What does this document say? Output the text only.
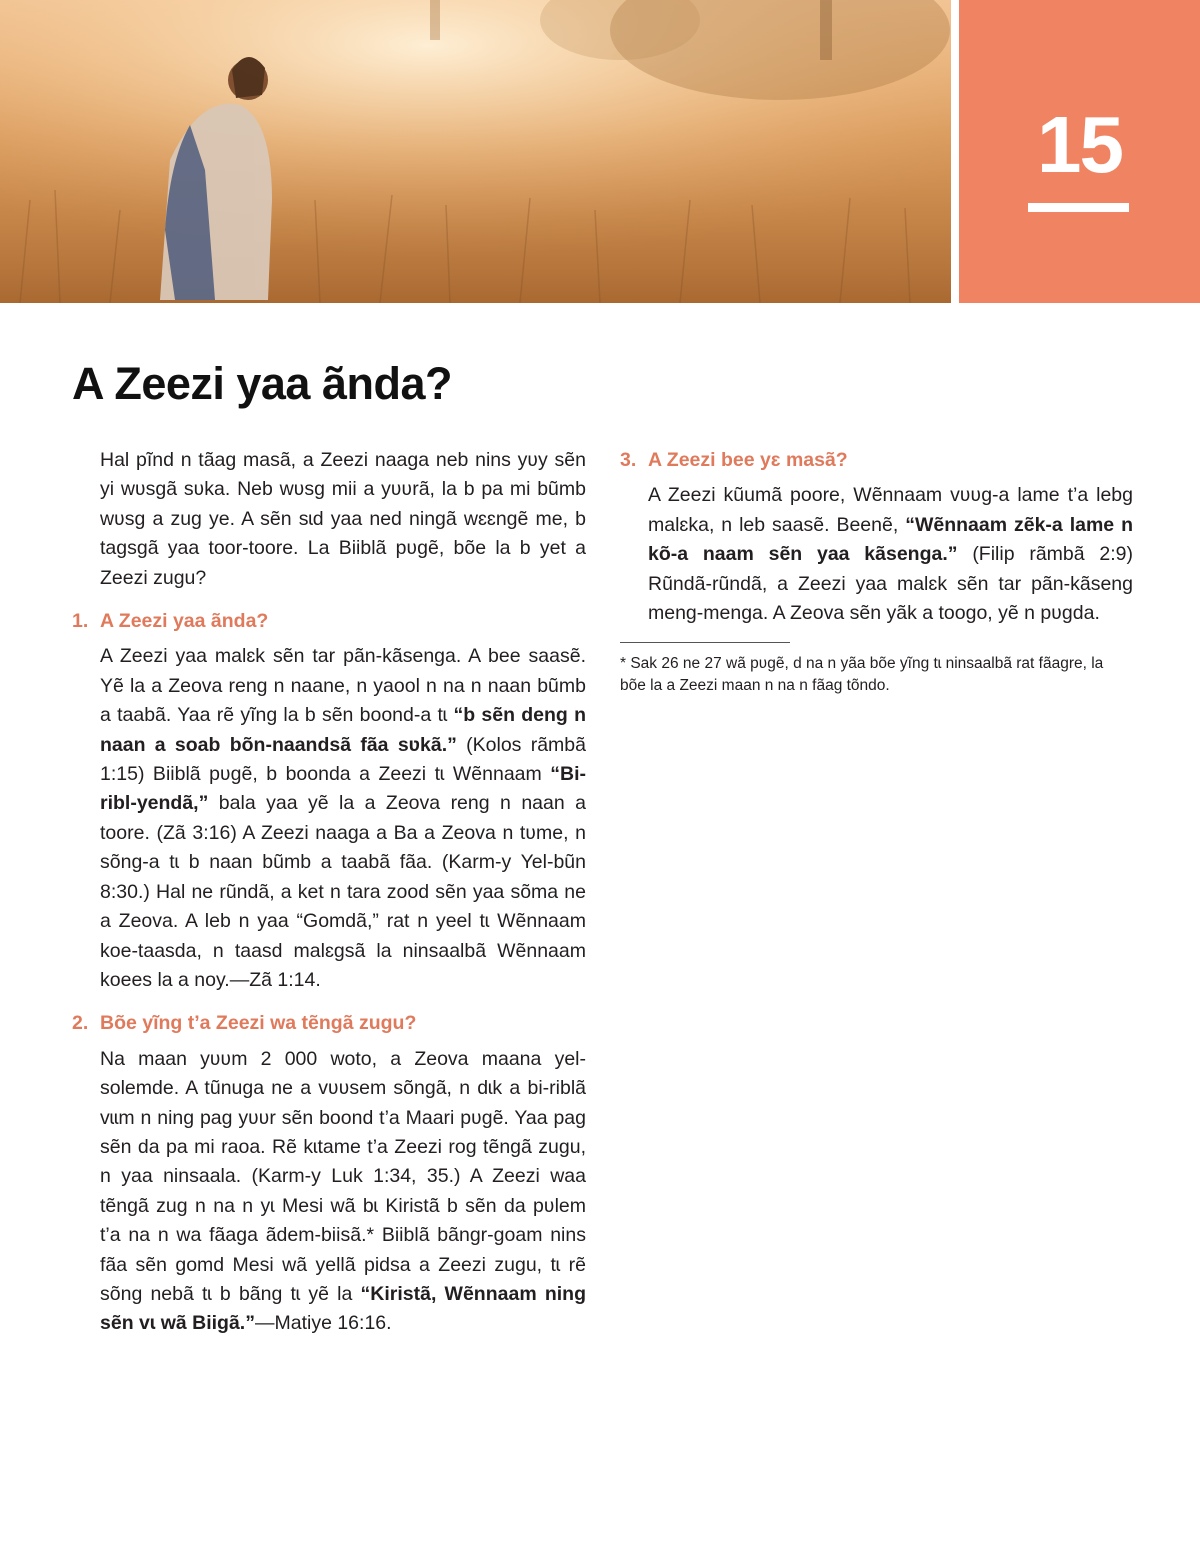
15
A Zeezi yaa ãnda?

Hal pĩnd n tãag masã, a Zeezi naaga neb nins yʋy sẽn yi wʋsgã sʋka. Neb wʋsg mii a yʋʋrã, la b pa mi bũmb wʋsg a zug ye. A sẽn sɩd yaa ned ningã wɛɛngẽ me, b tagsgã yaa toor-toore. La Biiblã pʋgẽ, bõe la b yet a Zeezi zugu?

1. A Zeezi yaa ãnda?

A Zeezi yaa malɛk sẽn tar pãn-kãsenga. A bee saasẽ. Yẽ la a Zeova reng n naane, n yaool n na n naan bũmb a taabã. Yaa rẽ yĩng la b sẽn boond-a tɩ “b sẽn deng n naan a soab bõn-naandsã fãa sʋkã.” (Kolos rãmbã 1:15) Biiblã pʋgẽ, b boonda a Zeezi tɩ Wẽnnaam “Bi-ribl-yendã,” bala yaa yẽ la a Zeova reng n naan a toore. (Zã 3:16) A Zeezi naaga a Ba a Zeova n tʋme, n sõng-a tɩ b naan bũmb a taabã fãa. (Karm-y Yel-bũn 8:30.) Hal ne rũndã, a ket n tara zood sẽn yaa sõma ne a Zeova. A leb n yaa “Gomdã,” rat n yeel tɩ Wẽnnaam koe-taasda, n taasd malɛgsã la ninsaalbã Wẽnnaam koees la a noy.—Zã 1:14.

2. Bõe yĩng t’a Zeezi wa tẽngã zugu?

Na maan yʋʋm 2 000 woto, a Zeova maana yel-solemde. A tũnuga ne a vʋʋsem sõngã, n dɩk a bi-riblã vɩɩm n ning pag yʋʋr sẽn boond t’a Maari pʋgẽ. Yaa pag sẽn da pa mi raoa. Rẽ kɩtame t’a Zeezi rog tẽngã zugu, n yaa ninsaala. (Karm-y Luk 1:34, 35.) A Zeezi waa tẽngã zug n na n yɩ Mesi wã bɩ Kiristã b sẽn da pʋlem t’a na n wa fãaga ãdem-biisã.* Biiblã bãngr-goam nins fãa sẽn gomd Mesi wã yellã pidsa a Zeezi zugu, tɩ rẽ sõng nebã tɩ b bãng tɩ yẽ la “Kiristã, Wẽnnaam ning sẽn vɩ wã Biigã.”—Matiye 16:16.

3. A Zeezi bee yɛ masã?

A Zeezi kũumã poore, Wẽnnaam vʋʋg-a lame t’a lebg malɛka, n leb saasẽ. Beenẽ, “Wẽnnaam zẽk-a lame n kõ-a naam sẽn yaa kãsenga.” (Filip rãmbã 2:9) Rũndã-rũndã, a Zeezi yaa malɛk sẽn tar pãn-kãseng meng-menga. A Zeova sẽn yãk a toogo, yẽ n pʋgda.

* Sak 26 ne 27 wã pʋgẽ, d na n yãa bõe yĩng tɩ ninsaalbã rat fãagre, la bõe la a Zeezi maan n na n fãag tõndo.
